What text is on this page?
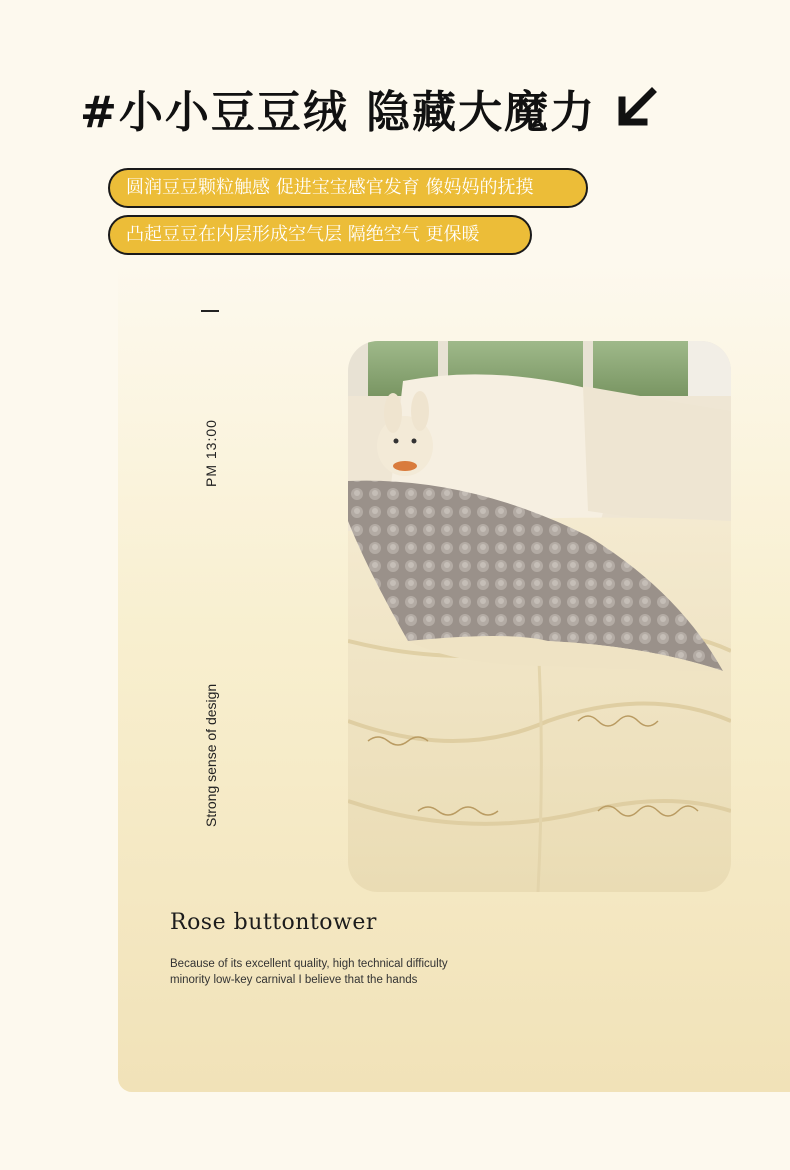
#小小豆豆绒 隐藏大魔力
圆润豆豆颗粒触感 促进宝宝感官发育 像妈妈的抚摸
凸起豆豆在内层形成空气层 隔绝空气 更保暖
PM 13:00
Strong sense of design
Rose buttontower
Because of its excellent quality, high technical difficulty
minority low-key carnival I believe that the hands
